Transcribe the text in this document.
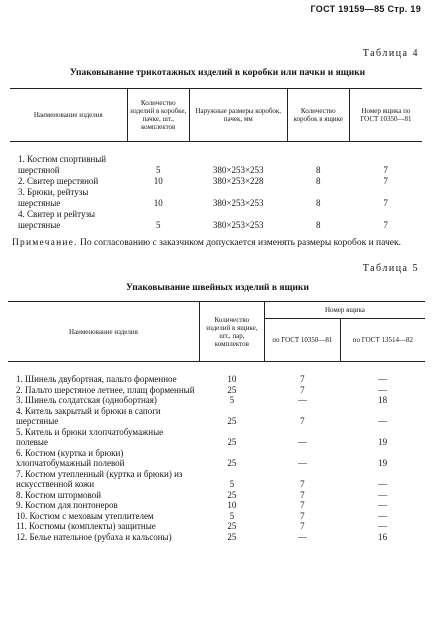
ГОСТ 19159—85 Стр. 19
Таблица 4
Упаковывание трикотажных изделий в коробки или пачки и ящики
Наименование изделия	Количество изделий в коробке, пачке, шт., комплектов	Наружные размеры коробок, пачек, мм	Количество коробок в ящике	Номер ящика по ГОСТ 10350—81
1. Костюм спортивный шерстяной	5	380×253×253	8	7
2. Свитер шерстяной	10	380×253×228	8	7
3. Брюки, рейтузы шерстяные	10	380×253×253	8	7
4. Свитер и рейтузы шерстяные	5	380×253×253	8	7
Примечание. По согласованию с заказчиком допускается изменять размеры коробок и пачек.
Таблица 5
Упаковывание швейных изделий в ящики
Наименование изделия	Количество изделий в ящике, шт., пар, комплектов	Номер ящика	
		по ГОСТ 10350—81	по ГОСТ 13514—82
1. Шинель двубортная, пальто форменное	10	7	—
2. Пальто шерстяное летнее, плащ форменный	25	7	—
3. Шинель солдатская (однобортная)	5	—	18
4. Китель закрытый и брюки в сапоги шерстяные	25	7	—
5. Китель и брюки хлопчатобумажные полевые	25	—	19
6. Костюм (куртка и брюки) хлопчатобумажный полевой	25	—	19
7. Костюм утепленный (куртка и брюки) из искусственной кожи	5	7	—
8. Костюм штормовой	25	7	—
9. Костюм для понтонеров	10	7	—
10. Костюм с меховым утеплителем	5	7	—
11. Костюмы (комплекты) защитные	25	7	—
12. Белье нательное (рубаха и кальсоны)	25	—	16
